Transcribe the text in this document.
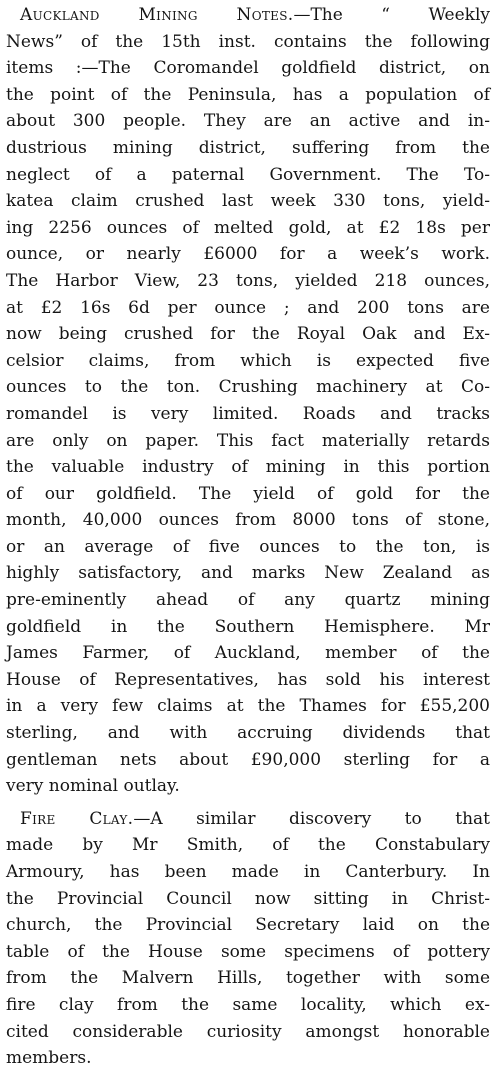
Auckland Mining Notes.—The “ Weekly
News” of the 15th inst. contains the following
items :—The Coromandel goldfield district, on
the point of the Peninsula, has a population of
about 300 people. They are an active and in-
dustrious mining district, suffering from the
neglect of a paternal Government. The To-
katea claim crushed last week 330 tons, yield-
ing 2256 ounces of melted gold, at £2 18s per
ounce, or nearly £6000 for a week’s work.
The Harbor View, 23 tons, yielded 218 ounces,
at £2 16s 6d per ounce ; and 200 tons are
now being crushed for the Royal Oak and Ex-
celsior claims, from which is expected five
ounces to the ton. Crushing machinery at Co-
romandel is very limited. Roads and tracks
are only on paper. This fact materially retards
the valuable industry of mining in this portion
of our goldfield. The yield of gold for the
month, 40,000 ounces from 8000 tons of stone,
or an average of five ounces to the ton, is
highly satisfactory, and marks New Zealand as
pre-eminently ahead of any quartz mining
goldfield in the Southern Hemisphere. Mr
James Farmer, of Auckland, member of the
House of Representatives, has sold his interest
in a very few claims at the Thames for £55,200
sterling, and with accruing dividends that
gentleman nets about £90,000 sterling for a
very nominal outlay.
Fire Clay.—A similar discovery to that
made by Mr Smith, of the Constabulary
Armoury, has been made in Canterbury. In
the Provincial Council now sitting in Christ-
church, the Provincial Secretary laid on the
table of the House some specimens of pottery
from the Malvern Hills, together with some
fire clay from the same locality, which ex-
cited considerable curiosity amongst honorable
members.
